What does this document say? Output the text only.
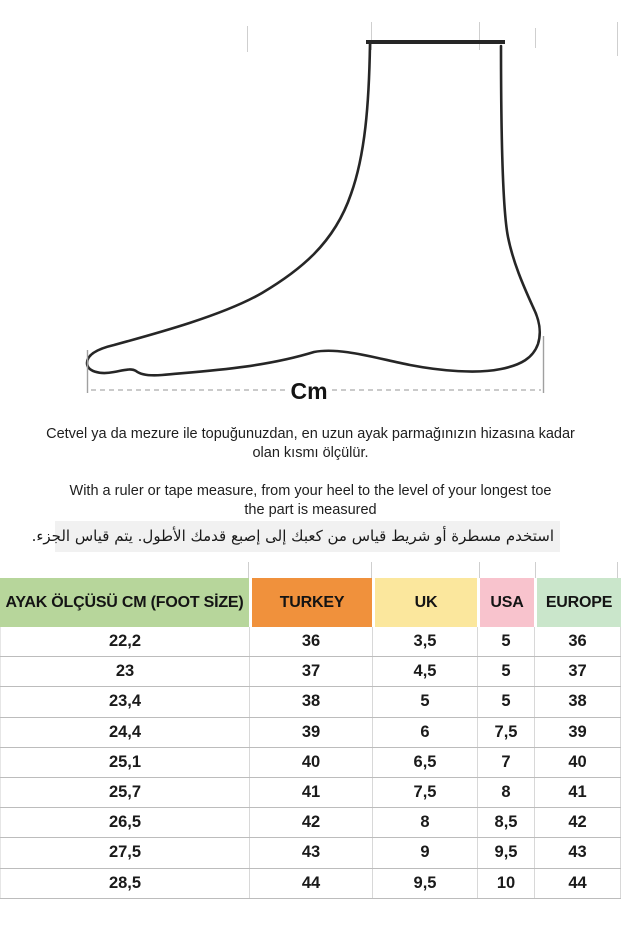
Cm
Cetvel ya da mezure ile topuğunuzdan, en uzun ayak parmağınızın hizasına kadar
olan kısmı ölçülür.
With a ruler or tape measure, from your heel to the level of your longest toe
the part is measured
استخدم مسطرة أو شريط قياس من كعبك إلى إصبع قدمك الأطول. يتم قياس الجزء.
AYAK ÖLÇÜSÜ CM (FOOT SİZE)	TURKEY	UK	USA	EUROPE
22,2	36	3,5	5	36
23	37	4,5	5	37
23,4	38	5	5	38
24,4	39	6	7,5	39
25,1	40	6,5	7	40
25,7	41	7,5	8	41
26,5	42	8	8,5	42
27,5	43	9	9,5	43
28,5	44	9,5	10	44
